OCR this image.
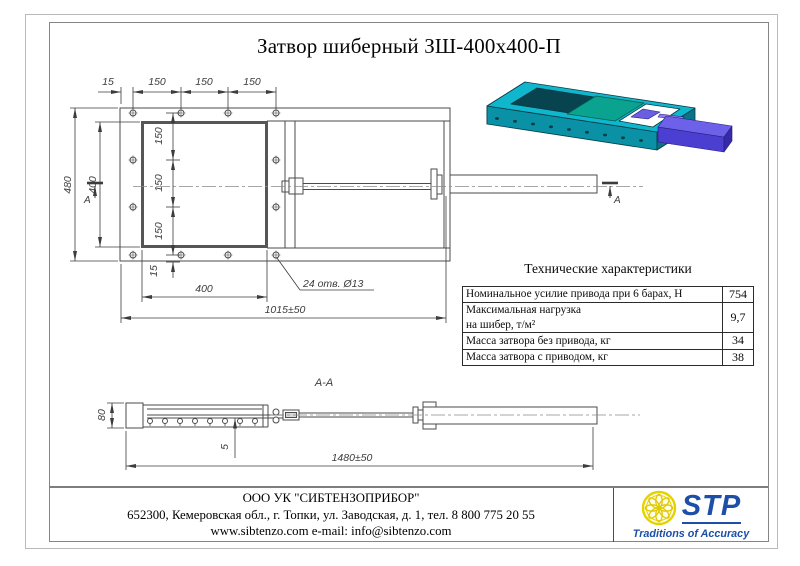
Затвор шиберный ЗШ-400х400-П
А	А
15	150	150	150
480 400
150
150
150
15
400
1015±50
24 отв. Ø13
А-А
80
5
1480±50
Технические характеристики
Номинальное усилие привода при 6 барах, Н	754

Максимальная нагрузка
на шибер, т/м²	9,7

Масса затвора без привода, кг	34

Масса затвора с приводом, кг	38
ООО УК "СИБТЕНЗОПРИБОР"
652300, Кемеровская обл., г. Топки, ул. Заводская, д. 1, тел. 8 800 775 20 55
www.sibtenzo.com e-mail: info@sibtenzo.com
STP
Traditions of Accuracy
